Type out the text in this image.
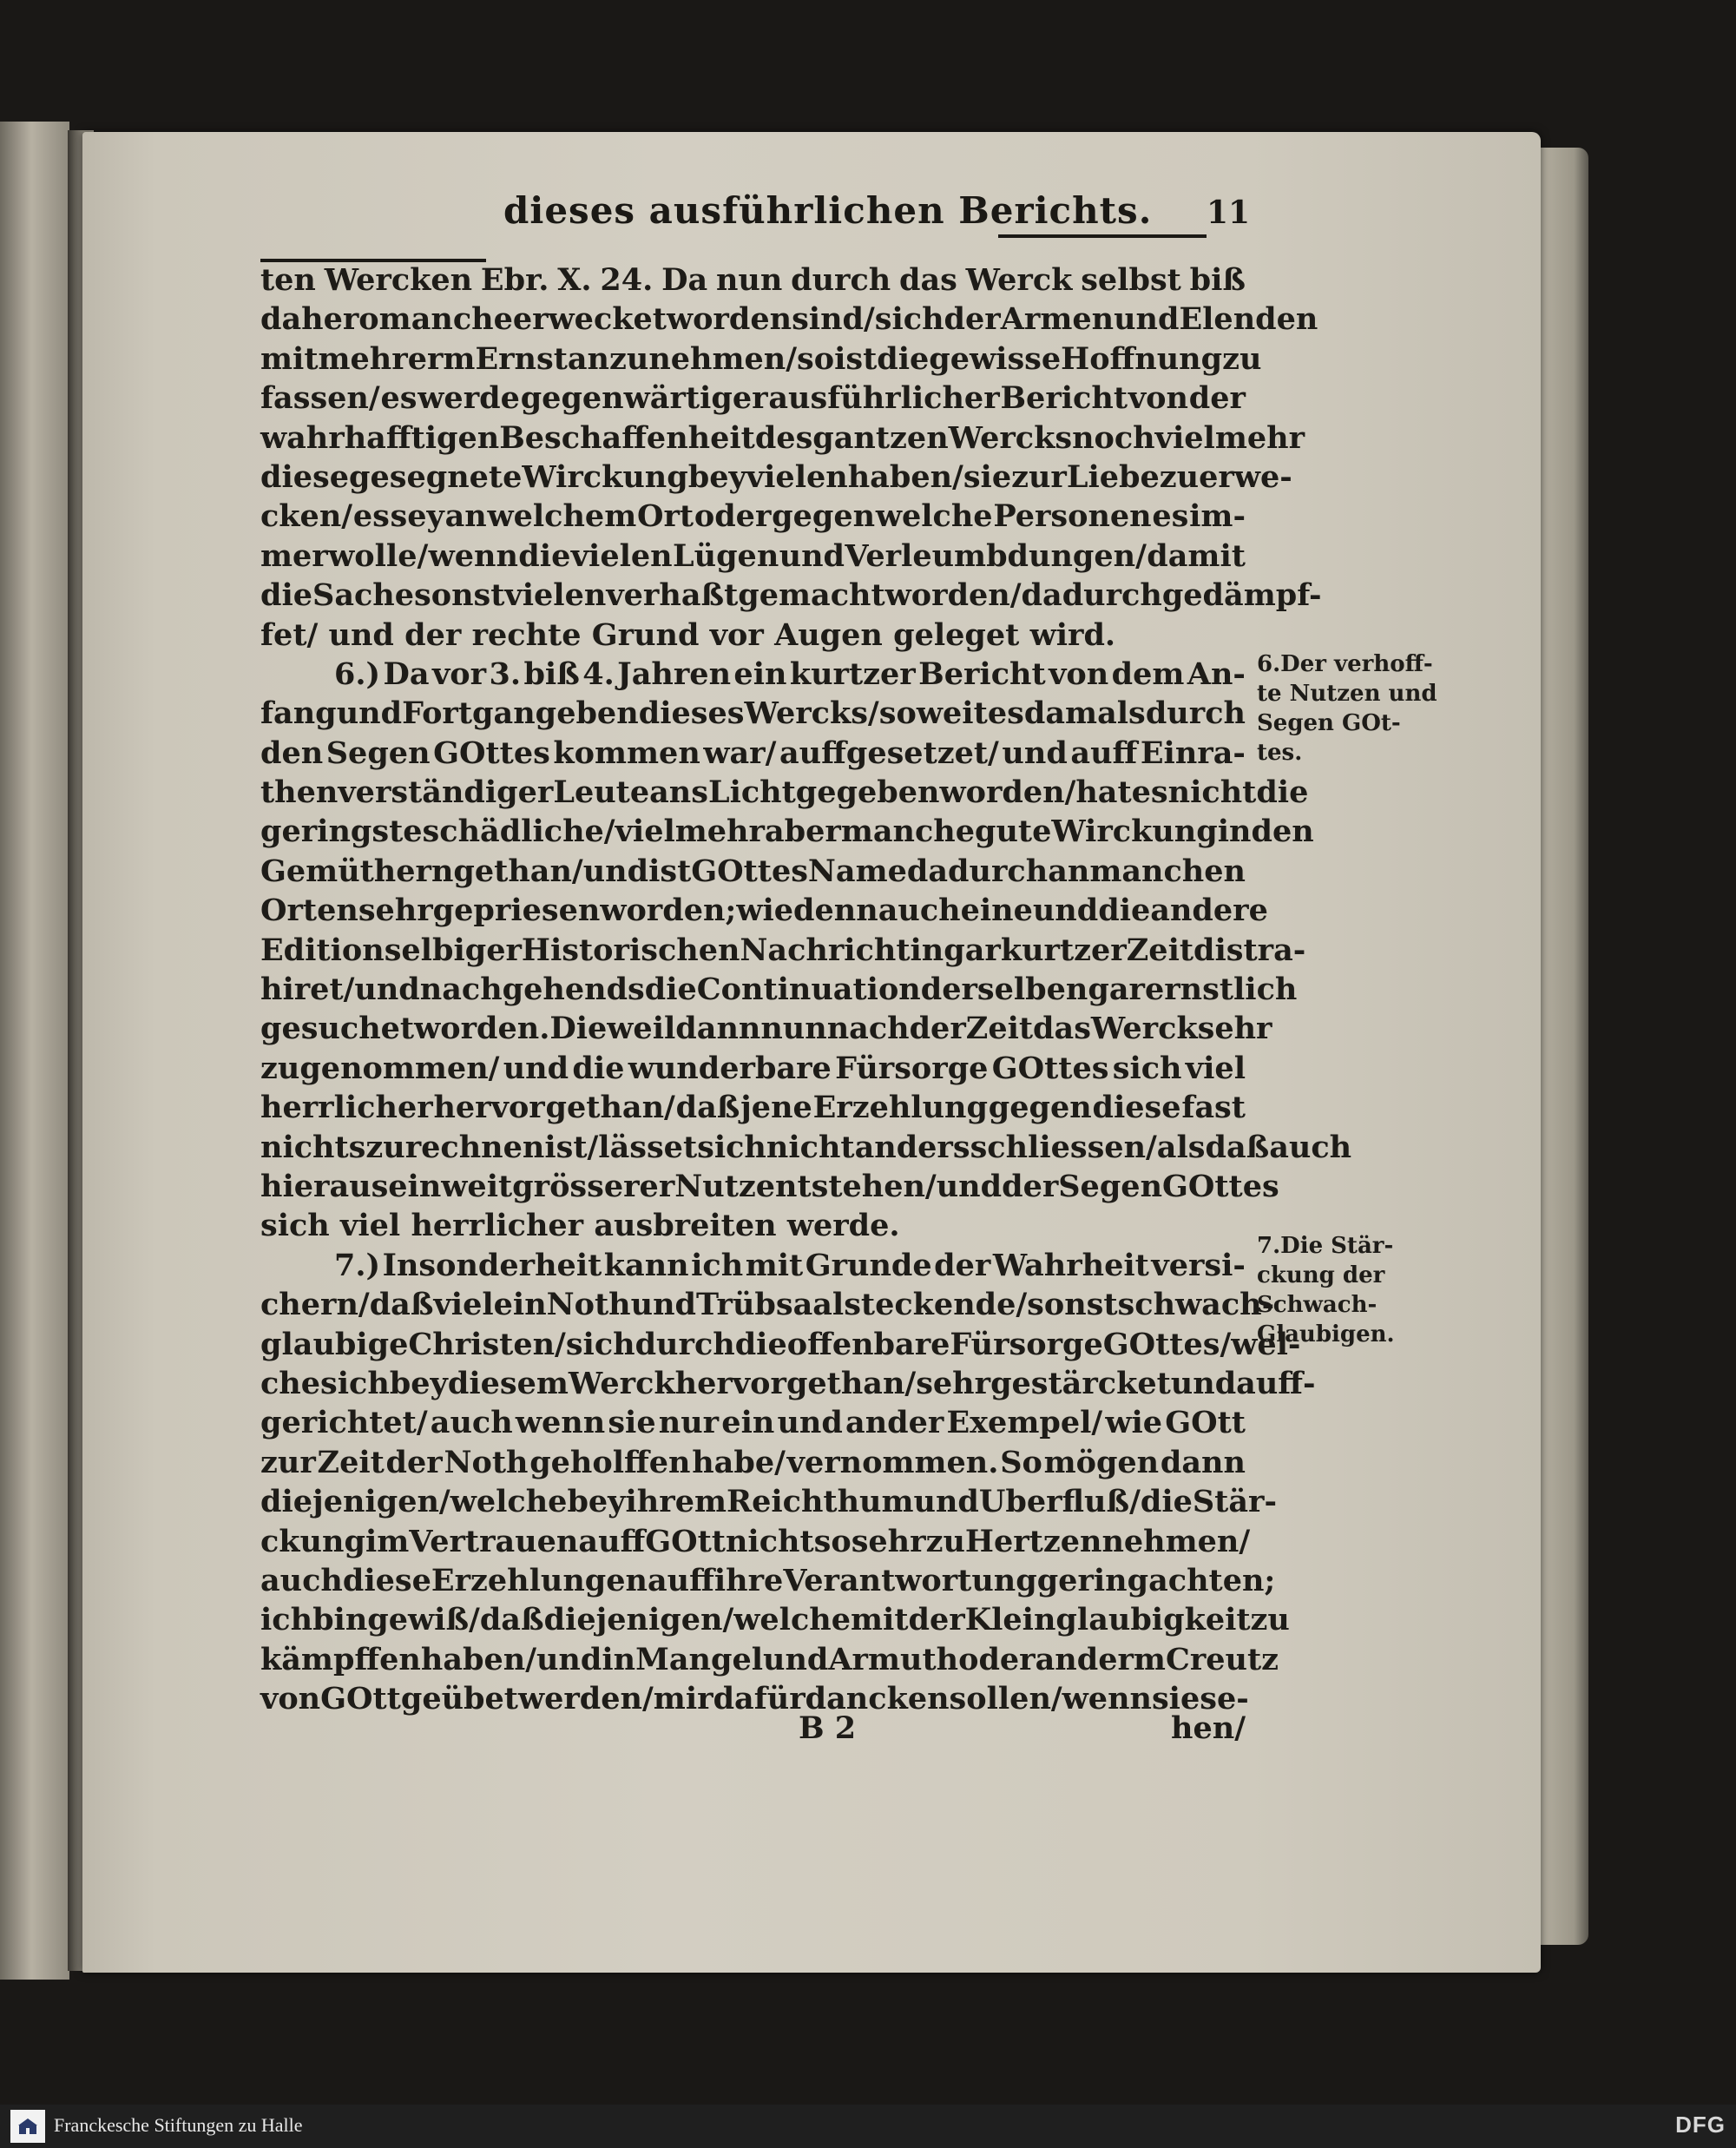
dieses ausführlichen Berichts. 11
ten Wercken Ebr. X. 24. Da nun durch das Werck selbst biß
dahero manche erwecket worden sind/ sich der Armen und Elenden
mit mehrerm Ernst anzunehmen/ so ist die gewisse Hoffnung zu
fassen/ es werde gegenwärtiger ausführlicher Bericht von der
wahrhafftigen Beschaffenheit des gantzen Wercks noch vielmehr
diese gesegnete Wirckung bey vielen haben/ sie zur Liebe zuerwe-
cken/ es sey an welchem Ort oder gegen welche Personen es im-
mer wolle/ wenn die vielen Lügen und Verleumbdungen/ damit
die Sache sonst vielen verhaßt gemacht worden/dadurch gedämpf-
fet/ und der rechte Grund vor Augen geleget wird.
6.) Da vor 3. biß 4. Jahren ein kurtzer Bericht von dem An-
fang und Fortgang eben dieses Wercks/ so weit es damals durch
den Segen GOttes kommen war/ auffgesetzet/ und auff Einra-
then verständiger Leute ans Licht gegeben worden/ hat es nicht die
geringste schädliche/ vielmehr aber manche gute Wirckung in den
Gemüthern gethan/ und ist GOttes Name dadurch an manchen
Orten sehr gepriesen worden; wie denn auch eine und die andere
Edition selbiger Historischen Nachricht in gar kurtzer Zeit distra-
hiret/ und nachgehends die Continuation derselben gar ernstlich
gesuchet worden. Dieweil dann nun nach der Zeit das Werck sehr
zugenommen/ und die wunderbare Fürsorge GOttes sich viel
herrlicher hervor gethan/ daß jene Erzehlung gegen diese fast
nichts zu rechnen ist/ lässet sich nicht anders schliessen/als daß auch
hieraus ein weit grösserer Nutz entstehen/und der Segen GOttes
sich viel herrlicher ausbreiten werde.
7.) Insonderheit kann ich mit Grunde der Wahrheit versi-
chern/ daß viele in Noth und Trübsaal steckende/ sonst schwach-
glaubige Christen/sich durch die offenbare Fürsorge GOttes/wel-
che sich bey diesem Werck hervor gethan/ sehr gestärcket und auff-
gerichtet/ auch wenn sie nur ein und ander Exempel/ wie GOtt
zur Zeit der Noth geholffen habe/ vernommen. So mögen dann
die jenigen/ welche bey ihrem Reichthum und Uberfluß/die Stär-
ckung im Vertrauen auff GOtt nicht so sehr zu Hertzen nehmen/
auch diese Erzehlungen auff ihre Verantwortung gering achten;
ich bin gewiß/ daß die jenigen/ welche mit der Kleinglaubigkeit zu
kämpffen haben/und in Mangel und Armuth oder anderm Creutz
von GOtt geübet werden/ mir dafür dancken sollen/ wenn sie se-
6.Der verhoff-
te Nutzen und
Segen GOt-
tes.
7.Die Stär-
ckung der
Schwach-
Glaubigen.
B 2	hen/
Franckesche Stiftungen zu Halle	DFG
